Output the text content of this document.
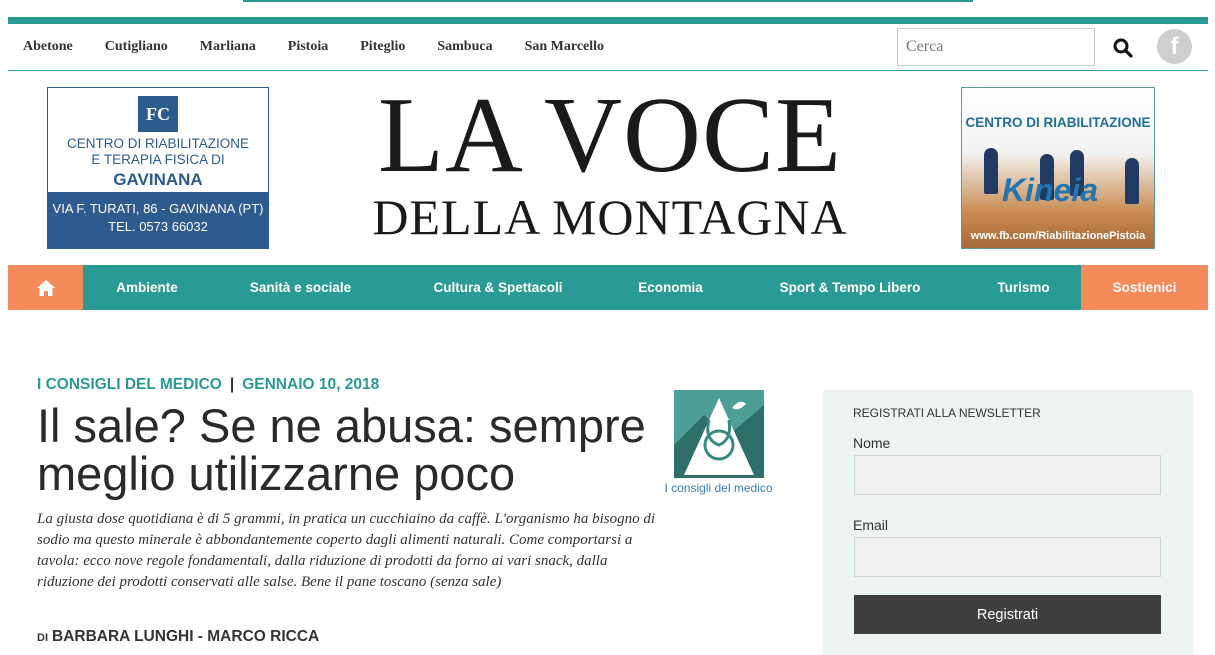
Abetone Cutigliano Marliana Pistoia Piteglio Sambuca San Marcello
Cerca	f
FC
CENTRO DI RIABILITAZIONE
E TERAPIA FISICA DI
GAVINANA
VIA F. TURATI, 86 - GAVINANA (PT)
TEL. 0573 66032
LA VOCE
DELLA MONTAGNA
CENTRO DI RIABILITAZIONE
Kineia
www.fb.com/RiabilitazionePistoia
Ambiente	Sanità e sociale	Cultura & Spettacoli	Economia	Sport & Tempo Libero	Turismo	Sostienici
I CONSIGLI DEL MEDICO | GENNAIO 10, 2018
Il sale? Se ne abusa: sempre meglio utilizzarne poco	I consigli del medico

La giusta dose quotidiana è di 5 grammi, in pratica un cucchiaino da caffè. L'organismo ha bisogno di sodio ma questo minerale è abbondantemente coperto dagli alimenti naturali. Come comportarsi a tavola: ecco nove regole fondamentali, dalla riduzione di prodotti da forno ai vari snack, dalla riduzione dei prodotti conservati alle salse. Bene il pane toscano (senza sale)

DI BARBARA LUNGHI - MARCO RICCA
REGISTRATI ALLA NEWSLETTER
Nome
Email
Registrati
